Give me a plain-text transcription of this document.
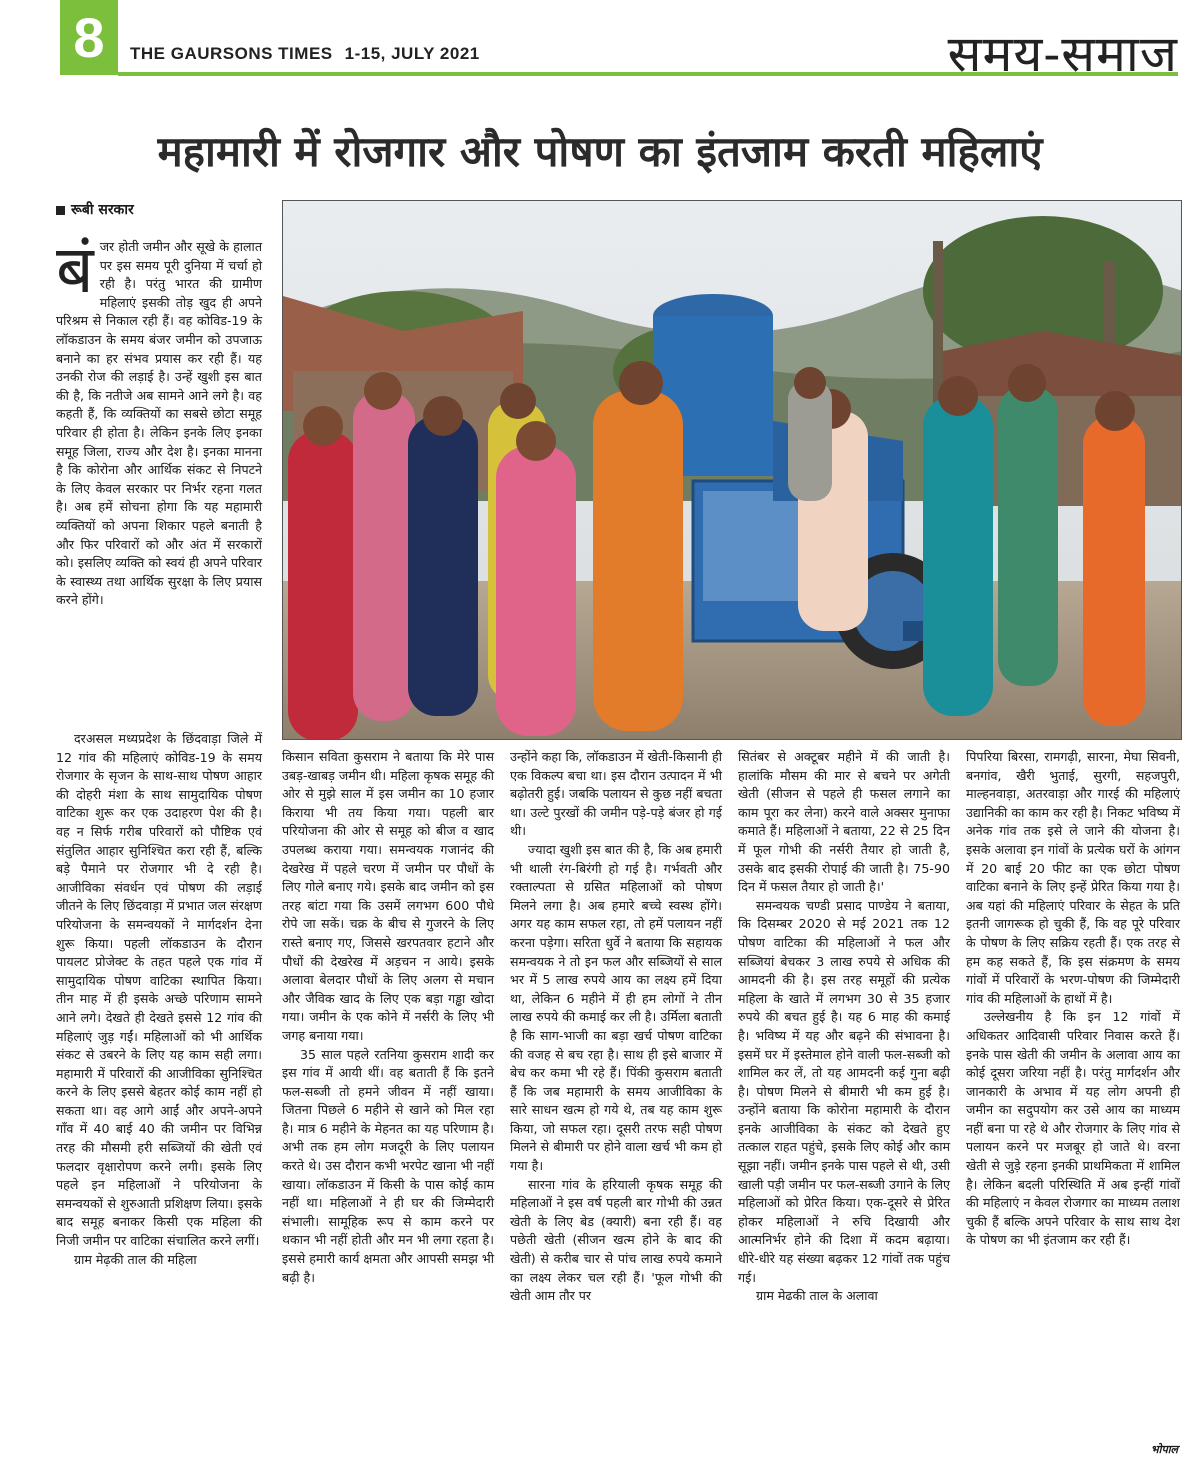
8	THE GAURSONS TIMES 1-15, JULY 2021	समय-समाज
महामारी में रोजगार और पोषण का इंतजाम करती महिलाएं
रूबी सरकार

बंजर होती जमीन और सूखे के हालात पर इस समय पूरी दुनिया में चर्चा हो रही है। परंतु भारत की ग्रामीण महिलाएं इसकी तोड़ खुद ही अपने परिश्रम से निकाल रही हैं। वह कोविड-19 के लॉकडाउन के समय बंजर जमीन को उपजाऊ बनाने का हर संभव प्रयास कर रही हैं। यह उनकी रोज की लड़ाई है। उन्हें खुशी इस बात की है, कि नतीजे अब सामने आने लगे है। वह कहती हैं, कि व्यक्तियों का सबसे छोटा समूह परिवार ही होता है। लेकिन इनके लिए इनका समूह जिला, राज्य और देश है। इनका मानना है कि कोरोना और आर्थिक संकट से निपटने के लिए केवल सरकार पर निर्भर रहना गलत है। अब हमें सोचना होगा कि यह महामारी व्यक्तियों को अपना शिकार पहले बनाती है और फिर परिवारों को और अंत में सरकारों को। इसलिए व्यक्ति को स्वयं ही अपने परिवार के स्वास्थ्य तथा आर्थिक सुरक्षा के लिए प्रयास करने होंगे।

दरअसल मध्यप्रदेश के छिंदवाड़ा जिले में 12 गांव की महिलाएं कोविड-19 के समय रोजगार के सृजन के साथ-साथ पोषण आहार की दोहरी मंशा के साथ सामुदायिक पोषण वाटिका शुरू कर एक उदाहरण पेश की है। वह न सिर्फ गरीब परिवारों को पौष्टिक एवं संतुलित आहार सुनिश्चित करा रही हैं, बल्कि बड़े पैमाने पर रोजगार भी दे रही है। आजीविका संवर्धन एवं पोषण की लड़ाई जीतने के लिए छिंदवाड़ा में प्रभात जल संरक्षण परियोजना के समन्वयकों ने मार्गदर्शन देना शुरू किया। पहली लॉकडाउन के दौरान पायलट प्रोजेक्ट के तहत पहले एक गांव में सामुदायिक पोषण वाटिका स्थापित किया। तीन माह में ही इसके अच्छे परिणाम सामने आने लगे। देखते ही देखते इससे 12 गांव की महिलाएं जुड़ गईं। महिलाओं को भी आर्थिक संकट से उबरने के लिए यह काम सही लगा। महामारी में परिवारों की आजीविका सुनिश्चित करने के लिए इससे बेहतर कोई काम नहीं हो सकता था। वह आगे आईं और अपने-अपने गाँव में 40 बाई 40 की जमीन पर विभिन्न तरह की मौसमी हरी सब्जियों की खेती एवं फलदार वृक्षारोपण करने लगी। इसके लिए पहले इन महिलाओं ने परियोजना के समन्वयकों से शुरुआती प्रशिक्षण लिया। इसके बाद समूह बनाकर किसी एक महिला की निजी जमीन पर वाटिका संचालित करने लगीं।

ग्राम मेढ़की ताल की महिला

किसान सविता कुसराम ने बताया कि मेरे पास उबड़-खाबड़ जमीन थी। महिला कृषक समूह की ओर से मुझे साल में इस जमीन का 10 हजार किराया भी तय किया गया। पहली बार परियोजना की ओर से समूह को बीज व खाद उपलब्ध कराया गया। समन्वयक गजानंद की देखरेख में पहले चरण में जमीन पर पौधों के लिए गोले बनाए गये। इसके बाद जमीन को इस तरह बांटा गया कि उसमें लगभग 600 पौधे रोपे जा सकें। चक्र के बीच से गुजरने के लिए रास्ते बनाए गए, जिससे खरपतवार हटाने और पौधों की देखरेख में अड़चन न आये। इसके अलावा बेलदार पौधों के लिए अलग से मचान और जैविक खाद के लिए एक बड़ा गड्ढा खोदा गया। जमीन के एक कोने में नर्सरी के लिए भी जगह बनाया गया।

35 साल पहले रतनिया कुसराम शादी कर इस गांव में आयी थीं। वह बताती हैं कि इतने फल-सब्जी तो हमने जीवन में नहीं खाया। जितना पिछले 6 महीने से खाने को मिल रहा है। मात्र 6 महीने के मेहनत का यह परिणाम है। अभी तक हम लोग मजदूरी के लिए पलायन करते थे। उस दौरान कभी भरपेट खाना भी नहीं खाया। लॉकडाउन में किसी के पास कोई काम नहीं था। महिलाओं ने ही घर की जिम्मेदारी संभाली। सामूहिक रूप से काम करने पर थकान भी नहीं होती और मन भी लगा रहता है। इससे हमारी कार्य क्षमता और आपसी समझ भी बढ़ी है।

उन्होंने कहा कि, लॉकडाउन में खेती-किसानी ही एक विकल्प बचा था। इस दौरान उत्पादन में भी बढ़ोतरी हुई। जबकि पलायन से कुछ नहीं बचता था। उल्टे पुरखों की जमीन पड़े-पड़े बंजर हो गई थी।

ज्यादा खुशी इस बात की है, कि अब हमारी भी थाली रंग-बिरंगी हो गई है। गर्भवती और रक्ताल्पता से ग्रसित महिलाओं को पोषण मिलने लगा है। अब हमारे बच्चे स्वस्थ होंगे। अगर यह काम सफल रहा, तो हमें पलायन नहीं करना पड़ेगा। सरिता धुर्वे ने बताया कि सहायक समन्वयक ने तो इन फल और सब्जियों से साल भर में 5 लाख रुपये आय का लक्ष्य हमें दिया था, लेकिन 6 महीने में ही हम लोगों ने तीन लाख रुपये की कमाई कर ली है। उर्मिला बताती है कि साग-भाजी का बड़ा खर्च पोषण वाटिका की वजह से बच रहा है। साथ ही इसे बाजार में बेच कर कमा भी रहे हैं। पिंकी कुसराम बताती हैं कि जब महामारी के समय आजीविका के सारे साधन खत्म हो गये थे, तब यह काम शुरू किया, जो सफल रहा। दूसरी तरफ सही पोषण मिलने से बीमारी पर होने वाला खर्च भी कम हो गया है।

सारना गांव के हरियाली कृषक समूह की महिलाओं ने इस वर्ष पहली बार गोभी की उन्नत खेती के लिए बेड (क्यारी) बना रही हैं। वह पछेती खेती (सीजन खत्म होने के बाद की खेती) से करीब चार से पांच लाख रुपये कमाने का लक्ष्य लेकर चल रही हैं। 'फूल गोभी की खेती आम तौर पर

सितंबर से अक्टूबर महीने में की जाती है। हालांकि मौसम की मार से बचने पर अगेती खेती (सीजन से पहले ही फसल लगाने का काम पूरा कर लेना) करने वाले अक्सर मुनाफा कमाते हैं। महिलाओं ने बताया, 22 से 25 दिन में फूल गोभी की नर्सरी तैयार हो जाती है, उसके बाद इसकी रोपाई की जाती है। 75-90 दिन में फसल तैयार हो जाती है।'

समन्वयक चण्डी प्रसाद पाण्डेय ने बताया, कि दिसम्बर 2020 से मई 2021 तक 12 पोषण वाटिका की महिलाओं ने फल और सब्जियां बेचकर 3 लाख रुपये से अधिक की आमदनी की है। इस तरह समूहों की प्रत्येक महिला के खाते में लगभग 30 से 35 हजार रुपये की बचत हुई है। यह 6 माह की कमाई है। भविष्य में यह और बढ़ने की संभावना है। इसमें घर में इस्तेमाल होने वाली फल-सब्जी को शामिल कर लें, तो यह आमदनी कई गुना बढ़ी है। पोषण मिलने से बीमारी भी कम हुई है। उन्होंने बताया कि कोरोना महामारी के दौरान इनके आजीविका के संकट को देखते हुए तत्काल राहत पहुंचे, इसके लिए कोई और काम सूझा नहीं। जमीन इनके पास पहले से थी, उसी खाली पड़ी जमीन पर फल-सब्जी उगाने के लिए महिलाओं को प्रेरित किया। एक-दूसरे से प्रेरित होकर महिलाओं ने रुचि दिखायी और आत्मनिर्भर होने की दिशा में कदम बढ़ाया। धीरे-धीरे यह संख्या बढ़कर 12 गांवों तक पहुंच गई।

ग्राम मेढकी ताल के अलावा

पिपरिया बिरसा, रामगढ़ी, सारना, मेघा सिवनी, बनगांव, खैरी भुताई, सुरगी, सहजपुरी, माल्हनवाड़ा, अतरवाड़ा और गारई की महिलाएं उद्यानिकी का काम कर रही है। निकट भविष्य में अनेक गांव तक इसे ले जाने की योजना है। इसके अलावा इन गांवों के प्रत्येक घरों के आंगन में 20 बाई 20 फीट का एक छोटा पोषण वाटिका बनाने के लिए इन्हें प्रेरित किया गया है। अब यहां की महिलाएं परिवार के सेहत के प्रति इतनी जागरूक हो चुकी हैं, कि वह पूरे परिवार के पोषण के लिए सक्रिय रहती हैं। एक तरह से हम कह सकते हैं, कि इस संक्रमण के समय गांवों में परिवारों के भरण-पोषण की जिम्मेदारी गांव की महिलाओं के हाथों में है।

उल्लेखनीय है कि इन 12 गांवों में अधिकतर आदिवासी परिवार निवास करते हैं। इनके पास खेती की जमीन के अलावा आय का कोई दूसरा जरिया नहीं है। परंतु मार्गदर्शन और जानकारी के अभाव में यह लोग अपनी ही जमीन का सदुपयोग कर उसे आय का माध्यम नहीं बना पा रहे थे और रोजगार के लिए गांव से पलायन करने पर मजबूर हो जाते थे। वरना खेती से जुड़े रहना इनकी प्राथमिकता में शामिल है। लेकिन बदली परिस्थिति में अब इन्हीं गांवों की महिलाएं न केवल रोजगार का माध्यम तलाश चुकी हैं बल्कि अपने परिवार के साथ साथ देश के पोषण का भी इंतजाम कर रही हैं।

भोपाल
